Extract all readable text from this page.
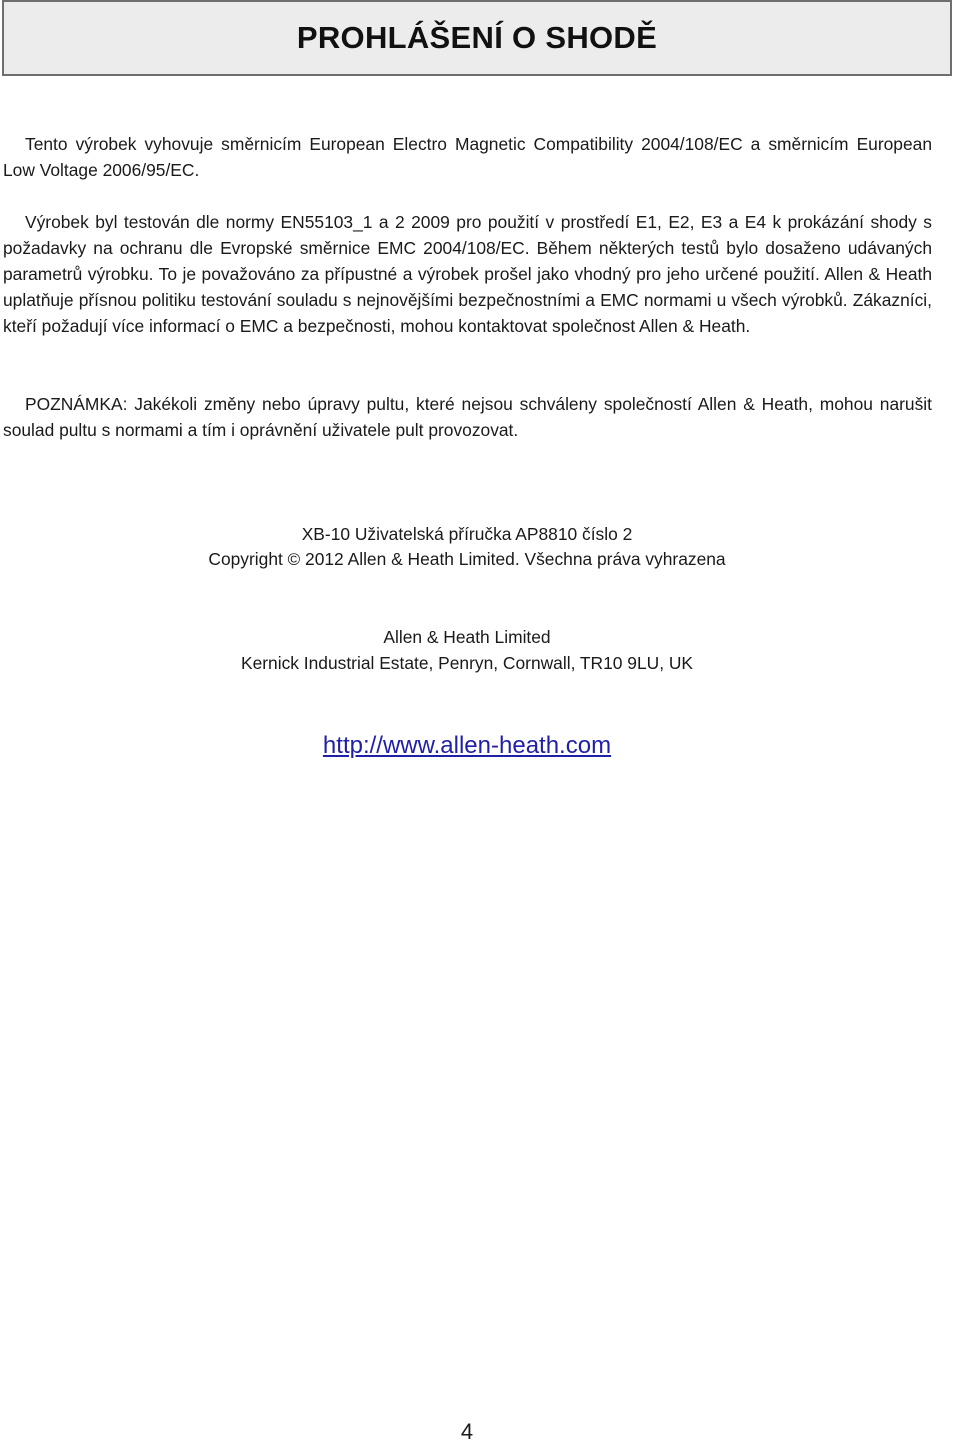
PROHLÁŠENÍ O SHODĚ

Tento výrobek vyhovuje směrnicím European Electro Magnetic Compatibility 2004/108/EC a směrnicím European Low Voltage 2006/95/EC.

Výrobek byl testován dle normy EN55103_1 a 2 2009 pro použití v prostředí E1, E2, E3 a E4 k prokázání shody s požadavky na ochranu dle Evropské směrnice EMC 2004/108/EC. Během některých testů bylo dosaženo udávaných parametrů výrobku. To je považováno za přípustné a výrobek prošel jako vhodný pro jeho určené použití. Allen & Heath uplatňuje přísnou politiku testování souladu s nejnovějšími bezpečnostními a EMC normami u všech výrobků. Zákazníci, kteří požadují více informací o EMC a bezpečnosti, mohou kontaktovat společnost Allen & Heath.

POZNÁMKA: Jakékoli změny nebo úpravy pultu, které nejsou schváleny společností Allen & Heath, mohou narušit soulad pultu s normami a tím i oprávnění uživatele pult provozovat.

XB-10 Uživatelská příručka AP8810 číslo 2

Copyright © 2012 Allen & Heath Limited. Všechna práva vyhrazena

Allen & Heath Limited

Kernick Industrial Estate, Penryn, Cornwall, TR10 9LU, UK

http://www.allen-heath.com
4
